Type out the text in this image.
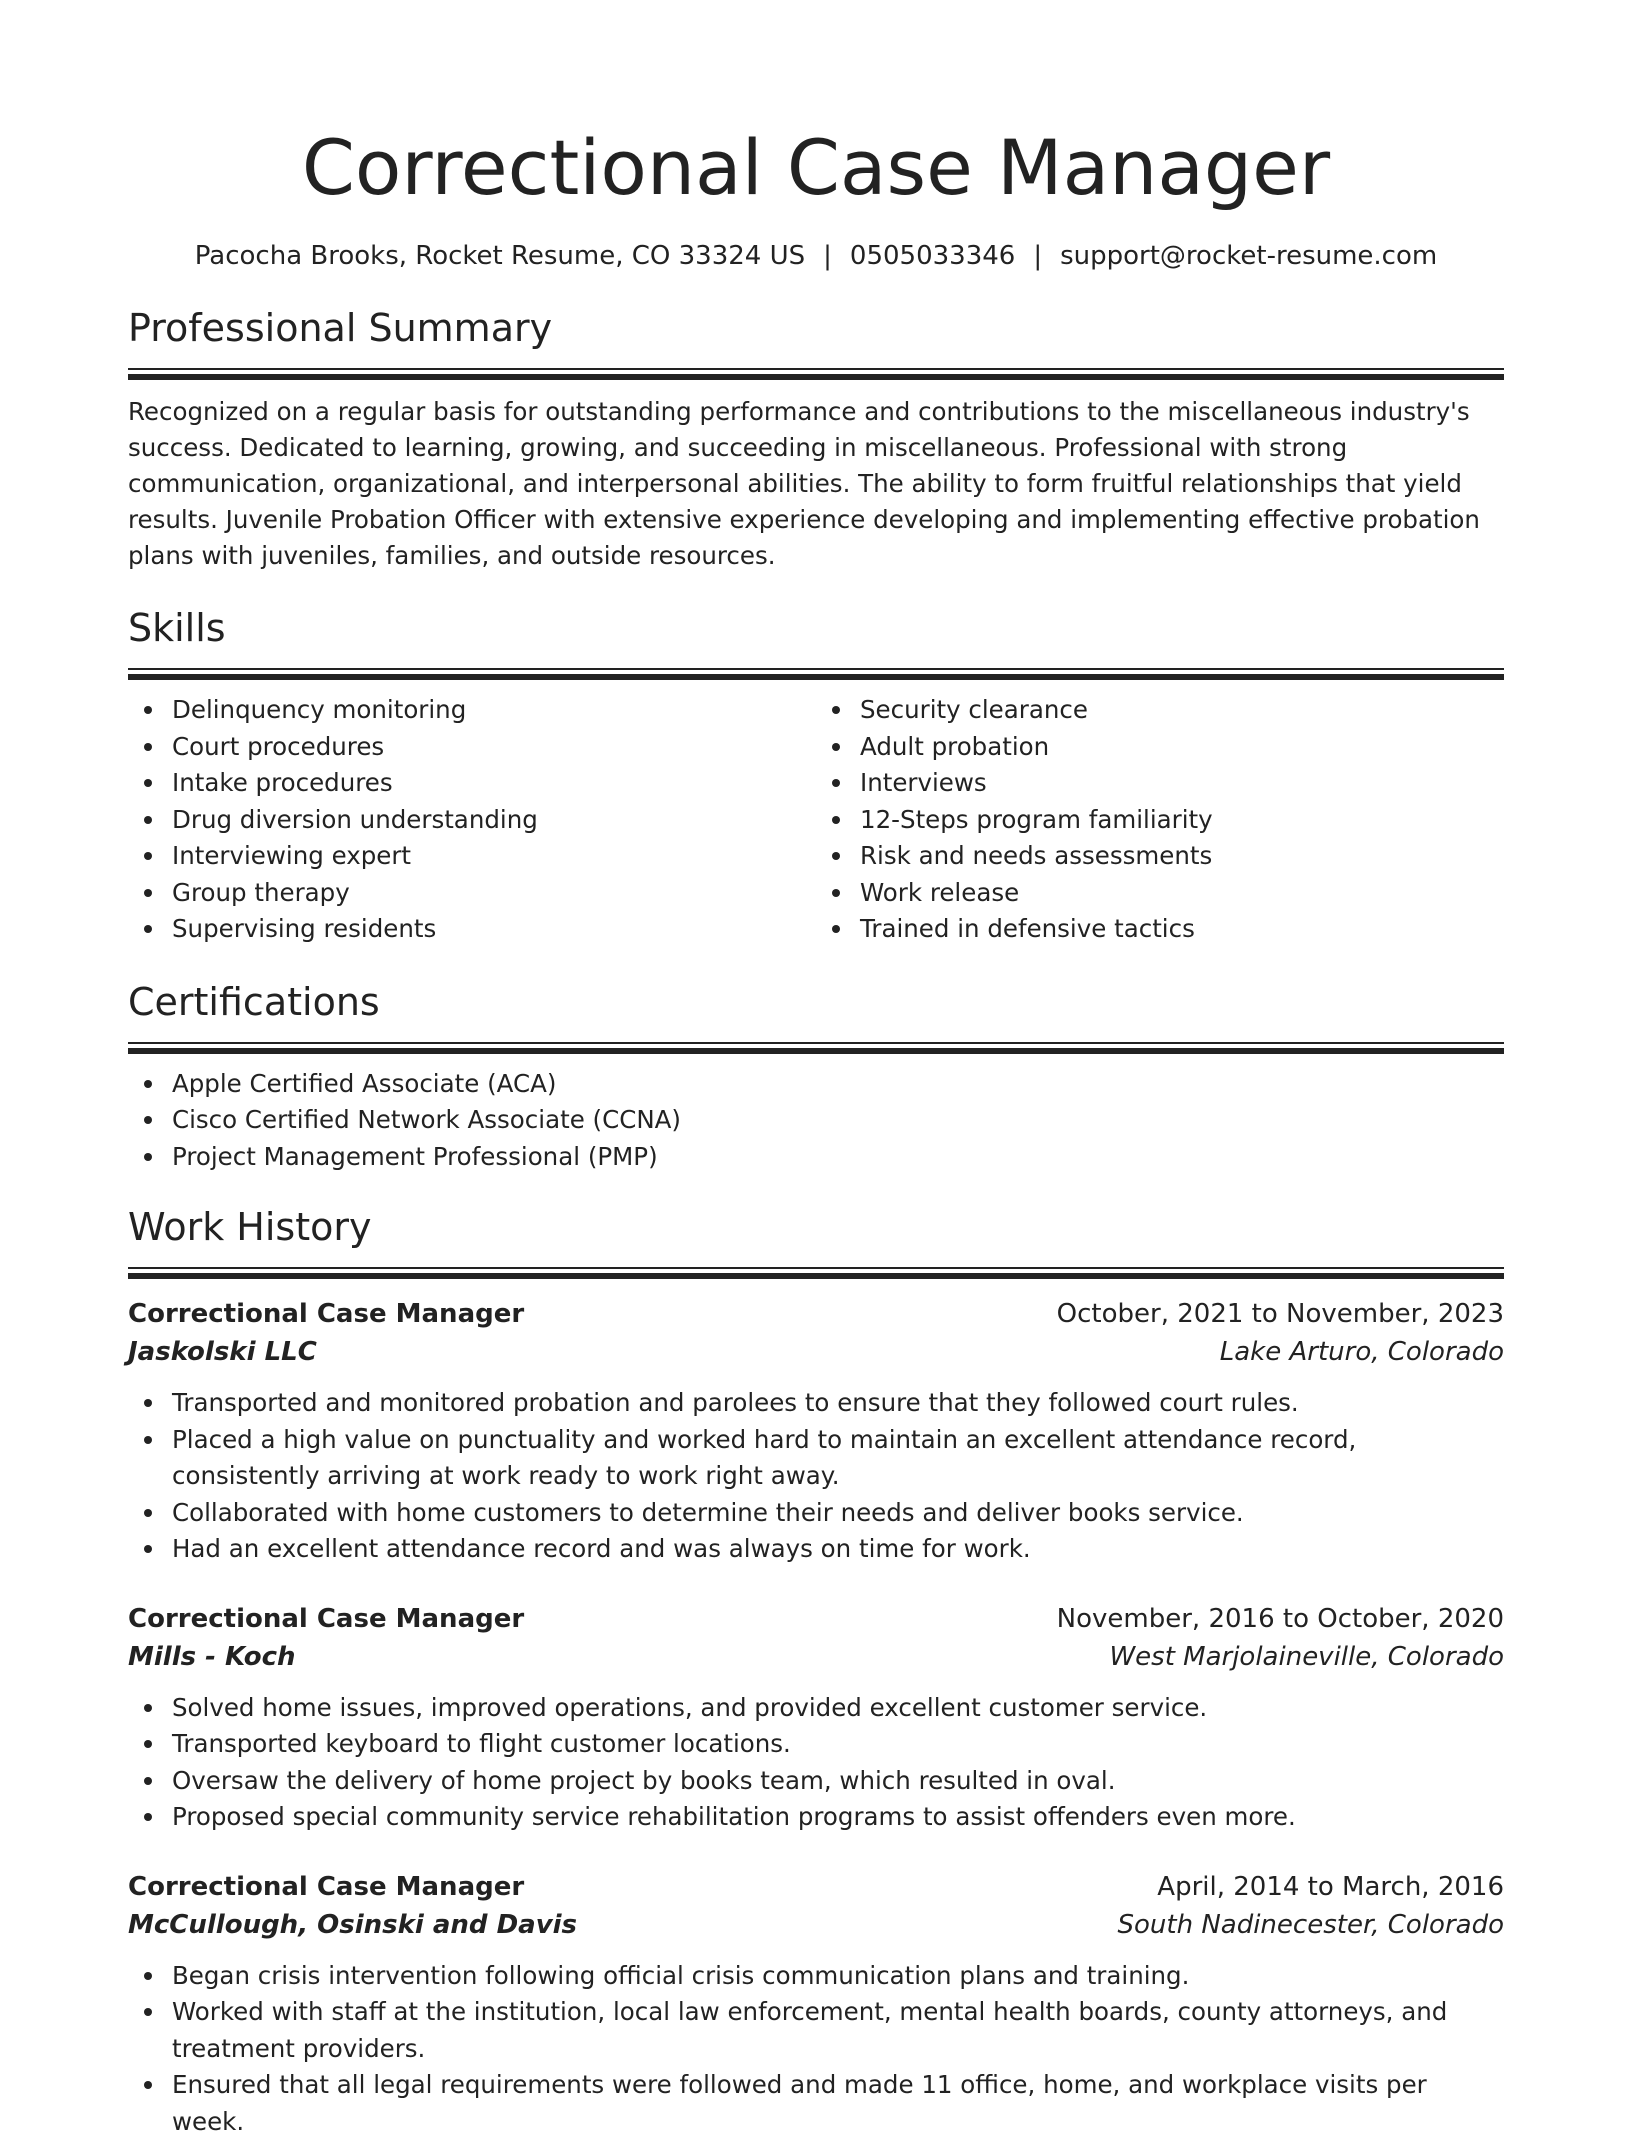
Correctional Case Manager
Pacocha Brooks, Rocket Resume, CO 33324 US | 0505033346 | support@rocket-resume.com
Professional Summary

Recognized on a regular basis for outstanding performance and contributions to the miscellaneous industry's success. Dedicated to learning, growing, and succeeding in miscellaneous. Professional with strong communication, organizational, and interpersonal abilities. The ability to form fruitful relationships that yield results. Juvenile Probation Officer with extensive experience developing and implementing effective probation plans with juveniles, families, and outside resources.

Skills
Delinquency monitoring
Court procedures
Intake procedures
Drug diversion understanding
Interviewing expert
Group therapy
Supervising residents
Security clearance
Adult probation
Interviews
12-Steps program familiarity
Risk and needs assessments
Work release
Trained in defensive tactics
Certifications
Apple Certified Associate (ACA)
Cisco Certified Network Associate (CCNA)
Project Management Professional (PMP)
Work History
Correctional Case Manager	October, 2021 to November, 2023
Jaskolski LLC	Lake Arturo, Colorado
Transported and monitored probation and parolees to ensure that they followed court rules.
Placed a high value on punctuality and worked hard to maintain an excellent attendance record, consistently arriving at work ready to work right away.
Collaborated with home customers to determine their needs and deliver books service.
Had an excellent attendance record and was always on time for work.
Correctional Case Manager	November, 2016 to October, 2020
Mills - Koch	West Marjolaineville, Colorado
Solved home issues, improved operations, and provided excellent customer service.
Transported keyboard to flight customer locations.
Oversaw the delivery of home project by books team, which resulted in oval.
Proposed special community service rehabilitation programs to assist offenders even more.
Correctional Case Manager	April, 2014 to March, 2016
McCullough, Osinski and Davis	South Nadinecester, Colorado
Began crisis intervention following official crisis communication plans and training.
Worked with staff at the institution, local law enforcement, mental health boards, county attorneys, and treatment providers.
Ensured that all legal requirements were followed and made 11 office, home, and workplace visits per week.
